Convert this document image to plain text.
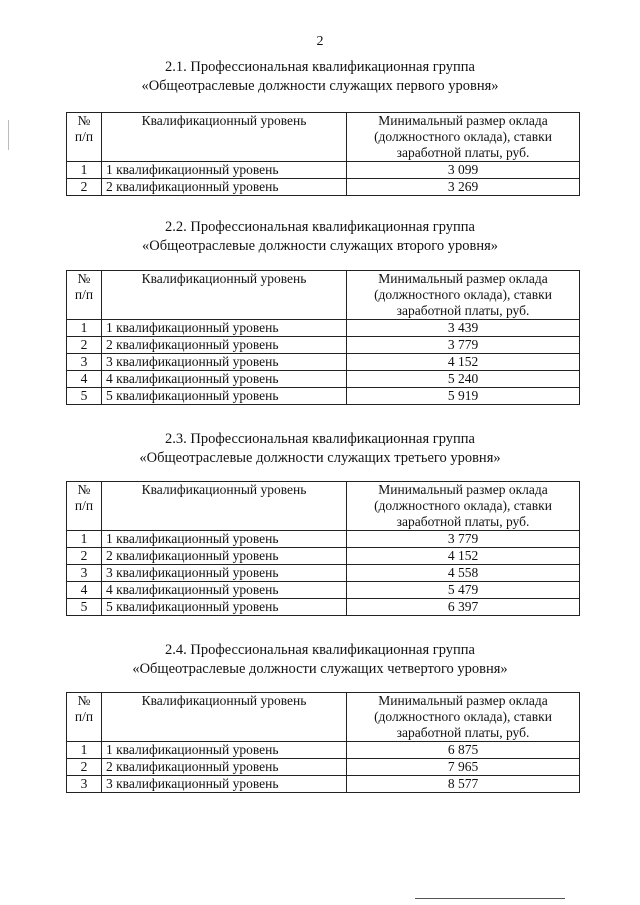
2
2.1. Профессиональная квалификационная группа
«Общеотраслевые должности служащих первого уровня»
№ п/п	Квалификационный уровень	Минимальный размер оклада (должностного оклада), ставки заработной платы, руб.
1	1 квалификационный уровень	3 099
2	2 квалификационный уровень	3 269
2.2. Профессиональная квалификационная группа
«Общеотраслевые должности служащих второго уровня»
№ п/п	Квалификационный уровень	Минимальный размер оклада (должностного оклада), ставки заработной платы, руб.
1	1 квалификационный уровень	3 439
2	2 квалификационный уровень	3 779
3	3 квалификационный уровень	4 152
4	4 квалификационный уровень	5 240
5	5 квалификационный уровень	5 919
2.3. Профессиональная квалификационная группа
«Общеотраслевые должности служащих третьего уровня»
№ п/п	Квалификационный уровень	Минимальный размер оклада (должностного оклада), ставки заработной платы, руб.
1	1 квалификационный уровень	3 779
2	2 квалификационный уровень	4 152
3	3 квалификационный уровень	4 558
4	4 квалификационный уровень	5 479
5	5 квалификационный уровень	6 397
2.4. Профессиональная квалификационная группа
«Общеотраслевые должности служащих четвертого уровня»
№ п/п	Квалификационный уровень	Минимальный размер оклада (должностного оклада), ставки заработной платы, руб.
1	1 квалификационный уровень	6 875
2	2 квалификационный уровень	7 965
3	3 квалификационный уровень	8 577
